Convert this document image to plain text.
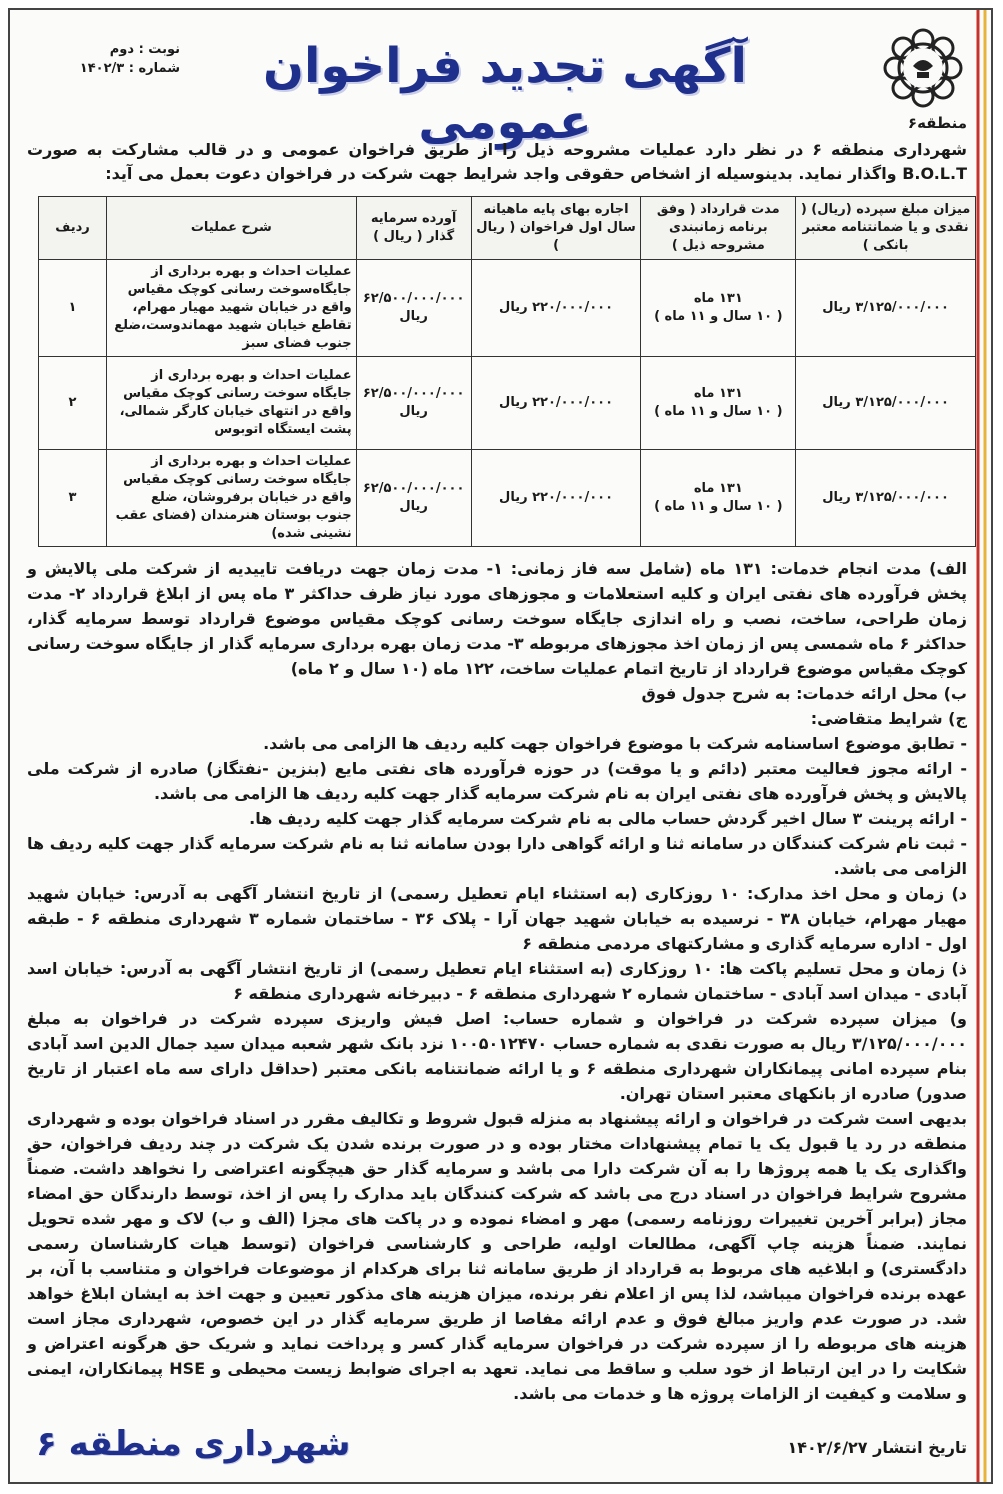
نوبت : دوم
شماره : ۱۴۰۲/۳	آگهی تجدید فراخوان عمومی	منطقه۶
شهرداری منطقه ۶ در نظر دارد عملیات مشروحه ذیل را از طریق فراخوان عمومی و در قالب مشارکت به صورت B.O.L.T واگذار نماید. بدینوسیله از اشخاص حقوقی واجد شرایط جهت شرکت در فراخوان دعوت بعمل می آید:
میزان مبلغ سپرده (ریال) ( نقدی و یا ضمانتنامه معتبر بانکی )	مدت قرارداد ( وفق برنامه زمانبندی مشروحه ذیل )	اجاره بهای پایه ماهیانه سال اول فراخوان ( ریال )	آورده سرمایه گذار ( ریال )	شرح عملیات	ردیف
۳/۱۲۵/۰۰۰/۰۰۰ ریال	۱۳۱ ماه
( ۱۰ سال و ۱۱ ماه )	۲۲۰/۰۰۰/۰۰۰ ریال	۶۲/۵۰۰/۰۰۰/۰۰۰ ریال	عملیات احداث و بهره برداری از جایگاه‌سوخت رسانی کوچک مقیاس واقع در خیابان شهید مهیار مهرام، تقاطع خیابان شهید مهماندوست،ضلع جنوب فضای سبز	۱
۳/۱۲۵/۰۰۰/۰۰۰ ریال	۱۳۱ ماه
( ۱۰ سال و ۱۱ ماه )	۲۲۰/۰۰۰/۰۰۰ ریال	۶۲/۵۰۰/۰۰۰/۰۰۰ ریال	عملیات احداث و بهره برداری از جایگاه سوخت رسانی کوچک مقیاس واقع در انتهای خیابان کارگر شمالی، پشت ایستگاه اتوبوس	۲
۳/۱۲۵/۰۰۰/۰۰۰ ریال	۱۳۱ ماه
( ۱۰ سال و ۱۱ ماه )	۲۲۰/۰۰۰/۰۰۰ ریال	۶۲/۵۰۰/۰۰۰/۰۰۰ ریال	عملیات احداث و بهره برداری از جایگاه سوخت رسانی کوچک مقیاس واقع در خیابان برفروشان، ضلع جنوب بوستان هنرمندان (فضای عقب نشینی شده)	۳

الف) مدت انجام خدمات: ۱۳۱ ماه (شامل سه فاز زمانی: ۱- مدت زمان جهت دریافت تاییدیه از شرکت ملی پالایش و پخش فرآورده های نفتی ایران و کلیه استعلامات و مجوزهای مورد نیاز ظرف حداکثر ۳ ماه پس از ابلاغ قرارداد ۲- مدت زمان طراحی، ساخت، نصب و راه اندازی جایگاه سوخت رسانی کوچک مقیاس موضوع قرارداد توسط سرمایه گذار، حداکثر ۶ ماه شمسی پس از زمان اخذ مجوزهای مربوطه ۳- مدت زمان بهره برداری سرمایه گذار از جایگاه سوخت رسانی کوچک مقیاس موضوع قرارداد از تاریخ اتمام عملیات ساخت، ۱۲۲ ماه (۱۰ سال و ۲ ماه)

ب) محل ارائه خدمات: به شرح جدول فوق

ج) شرایط متقاضی:

- تطابق موضوع اساسنامه شرکت با موضوع فراخوان جهت کلیه ردیف ها الزامی می باشد.

- ارائه مجوز فعالیت معتبر (دائم و یا موقت) در حوزه فرآورده های نفتی مایع (بنزین -نفتگاز) صادره از شرکت ملی پالایش و پخش فرآورده های نفتی ایران به نام شرکت سرمایه گذار جهت کلیه ردیف ها الزامی می باشد.

- ارائه پرینت ۳ سال اخیر گردش حساب مالی به نام شرکت سرمایه گذار جهت کلیه ردیف ها.

- ثبت نام شرکت کنندگان در سامانه ثنا و ارائه گواهی دارا بودن سامانه ثنا به نام شرکت سرمایه گذار جهت کلیه ردیف ها الزامی می باشد.

د) زمان و محل اخذ مدارک: ۱۰ روزکاری (به استثناء ایام تعطیل رسمی) از تاریخ انتشار آگهی به آدرس: خیابان شهید مهیار مهرام، خیابان ۳۸ - نرسیده به خیابان شهید جهان آرا - پلاک ۳۶ - ساختمان شماره ۳ شهرداری منطقه ۶ - طبقه اول - اداره سرمایه گذاری و مشارکتهای مردمی منطقه ۶

ذ) زمان و محل تسلیم پاکت ها: ۱۰ روزکاری (به استثناء ایام تعطیل رسمی) از تاریخ انتشار آگهی به آدرس: خیابان اسد آبادی - میدان اسد آبادی - ساختمان شماره ۲ شهرداری منطقه ۶ - دبیرخانه شهرداری منطقه ۶

و) میزان سپرده شرکت در فراخوان و شماره حساب: اصل فیش واریزی سپرده شرکت در فراخوان به مبلغ ۳/۱۲۵/۰۰۰/۰۰۰ ریال به صورت نقدی به شماره حساب ۱۰۰۵۰۱۲۴۷۰ نزد بانک شهر شعبه میدان سید جمال الدین اسد آبادی بنام سپرده امانی پیمانکاران شهرداری منطقه ۶ و یا ارائه ضمانتنامه بانکی معتبر (حداقل دارای سه ماه اعتبار از تاریخ صدور) صادره از بانکهای معتبر استان تهران.

بدیهی است شرکت در فراخوان و ارائه پیشنهاد به منزله قبول شروط و تکالیف مقرر در اسناد فراخوان بوده و شهرداری منطقه در رد یا قبول یک یا تمام پیشنهادات مختار بوده و در صورت برنده شدن یک شرکت در چند ردیف فراخوان، حق واگذاری یک یا همه پروژها را به آن شرکت دارا می باشد و سرمایه گذار حق هیچگونه اعتراضی را نخواهد داشت. ضمناً مشروح شرایط فراخوان در اسناد درج می باشد که شرکت کنندگان باید مدارک را پس از اخذ، توسط دارندگان حق امضاء مجاز (برابر آخرین تغییرات روزنامه رسمی) مهر و امضاء نموده و در پاکت های مجزا (الف و ب) لاک و مهر شده تحویل نمایند. ضمناً هزینه چاپ آگهی، مطالعات اولیه، طراحی و کارشناسی فراخوان (توسط هیات کارشناسان رسمی دادگستری) و ابلاغیه های مربوط به قرارداد از طریق سامانه ثنا برای هرکدام از موضوعات فراخوان و متناسب با آن، بر عهده برنده فراخوان میباشد، لذا پس از اعلام نفر برنده، میزان هزینه های مذکور تعیین و جهت اخذ به ایشان ابلاغ خواهد شد. در صورت عدم واریز مبالغ فوق و عدم ارائه مفاصا از طریق سرمایه گذار در این خصوص، شهرداری مجاز است هزینه های مربوطه را از سپرده شرکت در فراخوان سرمایه گذار کسر و پرداخت نماید و شریک حق هرگونه اعتراض و شکایت را در این ارتباط از خود سلب و ساقط می نماید. تعهد به اجرای ضوابط زیست محیطی و HSE پیمانکاران، ایمنی و سلامت و کیفیت از الزامات پروژه ها و خدمات می باشد.

تاریخ انتشار ۱۴۰۲/۶/۲۷
شهرداری منطقه ۶
